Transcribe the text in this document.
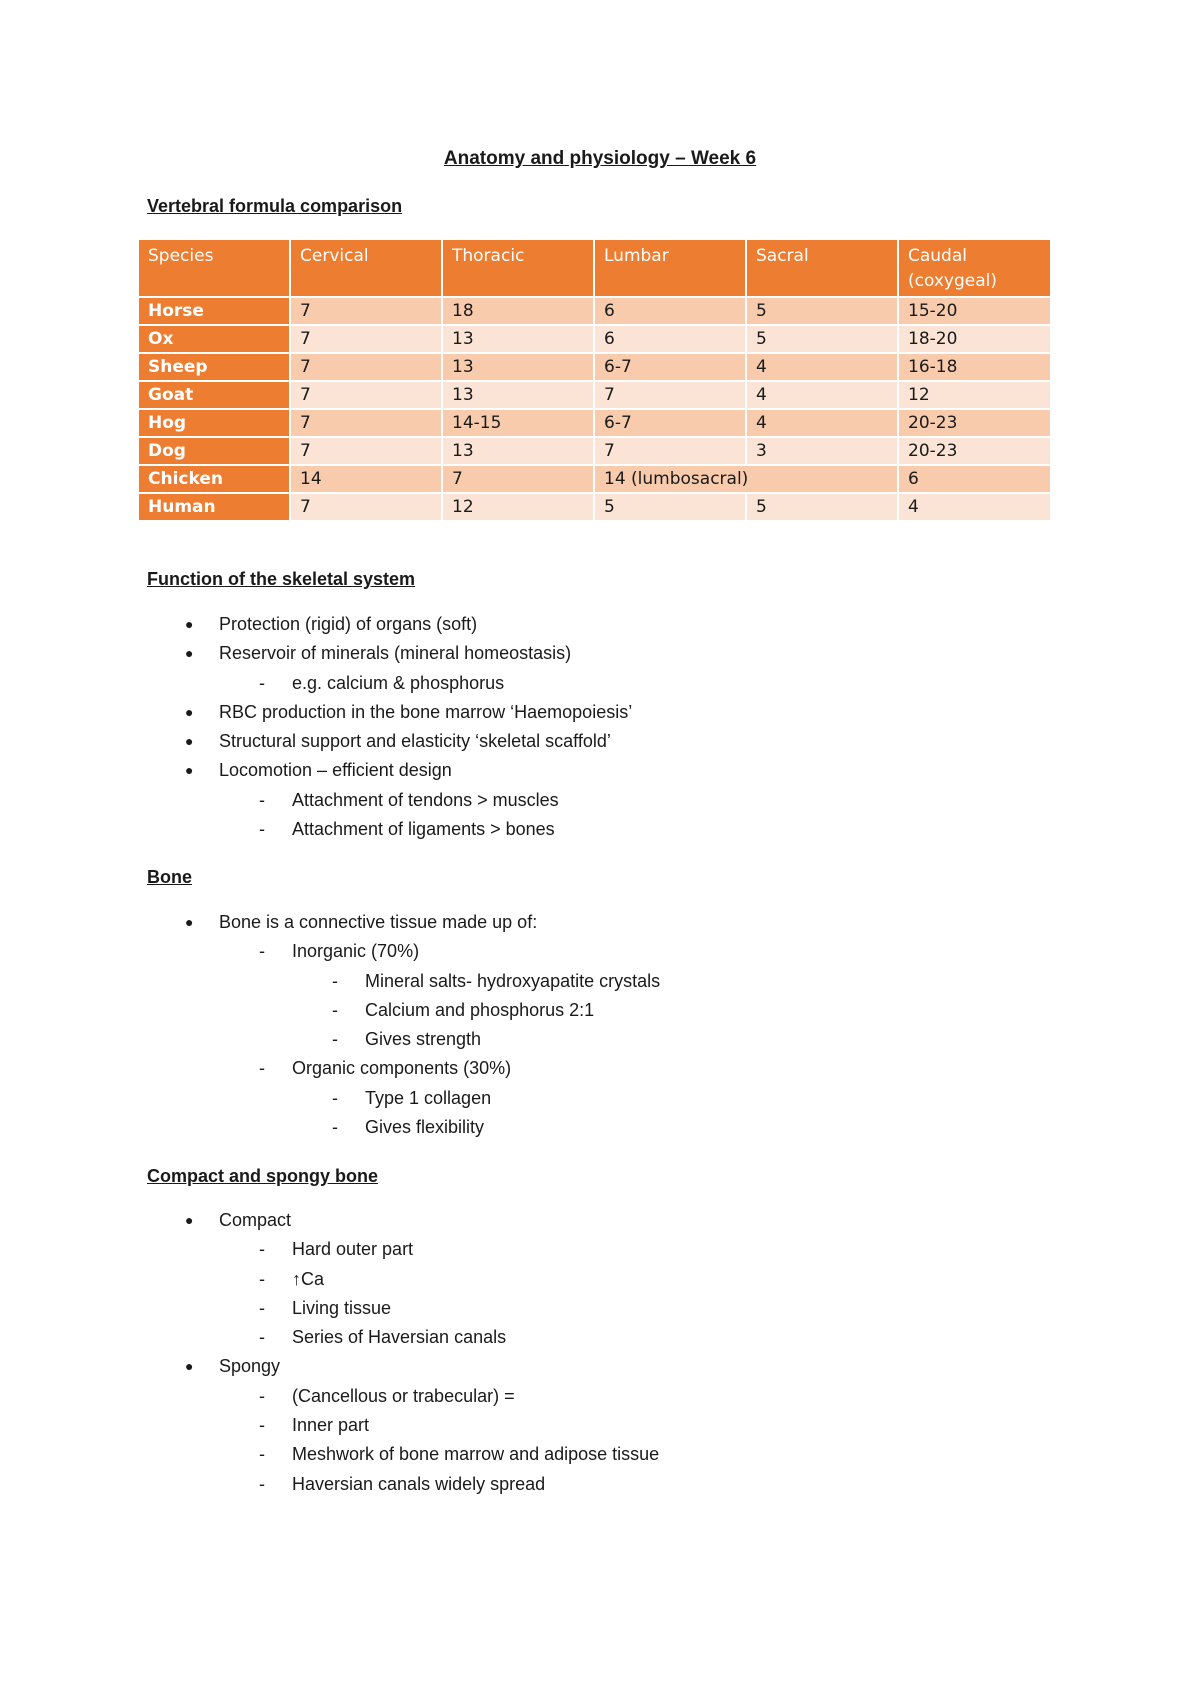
Anatomy and physiology – Week 6
Vertebral formula comparison
Species	Cervical	Thoracic	Lumbar	Sacral	Caudal (coxygeal)
Horse	7	18	6	5	15-20
Ox	7	13	6	5	18-20
Sheep	7	13	6-7	4	16-18
Goat	7	13	7	4	12
Hog	7	14-15	6-7	4	20-23
Dog	7	13	7	3	20-23
Chicken	14	7	14 (lumbosacral)		6
Human	7	12	5	5	4
Function of the skeletal system
● Protection (rigid) of organs (soft)
● Reservoir of minerals (mineral homeostasis)
- e.g. calcium & phosphorus
● RBC production in the bone marrow ‘Haemopoiesis’
● Structural support and elasticity ‘skeletal scaffold’
● Locomotion – efficient design
- Attachment of tendons > muscles
- Attachment of ligaments > bones
Bone
● Bone is a connective tissue made up of:
- Inorganic (70%)
- Mineral salts- hydroxyapatite crystals
- Calcium and phosphorus 2:1
- Gives strength
- Organic components (30%)
- Type 1 collagen
- Gives flexibility
Compact and spongy bone
● Compact
- Hard outer part
- ↑Ca
- Living tissue
- Series of Haversian canals
● Spongy
- (Cancellous or trabecular) =
- Inner part
- Meshwork of bone marrow and adipose tissue
- Haversian canals widely spread
